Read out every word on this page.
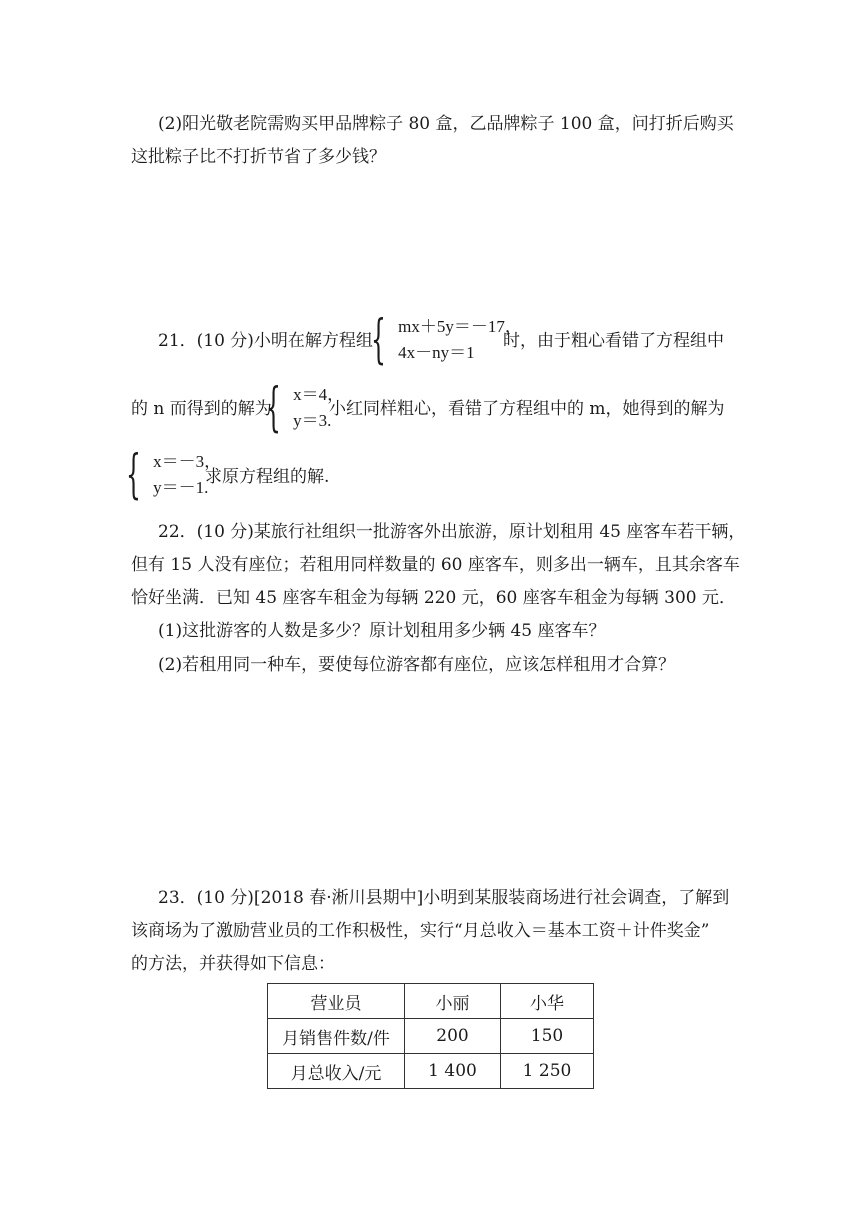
(2)阳光敬老院需购买甲品牌粽子 80 盒，乙品牌粽子 100 盒，问打折后购买
这批粽子比不打折节省了多少钱？
21．(10 分)小明在解方程组
{ mx＋5y＝－17，
4x－ny＝1
时，由于粗心看错了方程组中
的 n 而得到的解为
{ x＝4，
y＝3.
小红同样粗心，看错了方程组中的 m，她得到的解为
{ x＝－3，
y＝－1.
求原方程组的解.
22．(10 分)某旅行社组织一批游客外出旅游，原计划租用 45 座客车若干辆，
但有 15 人没有座位；若租用同样数量的 60 座客车，则多出一辆车，且其余客车
恰好坐满．已知 45 座客车租金为每辆 220 元，60 座客车租金为每辆 300 元．
(1)这批游客的人数是多少？原计划租用多少辆 45 座客车？
(2)若租用同一种车，要使每位游客都有座位，应该怎样租用才合算？
23．(10 分)[2018 春·淅川县期中]小明到某服装商场进行社会调查，了解到
该商场为了激励营业员的工作积极性，实行“月总收入＝基本工资＋计件奖金”
的方法，并获得如下信息：
营业员	小丽	小华
月销售件数/件	200	150
月总收入/元	1 400	1 250
